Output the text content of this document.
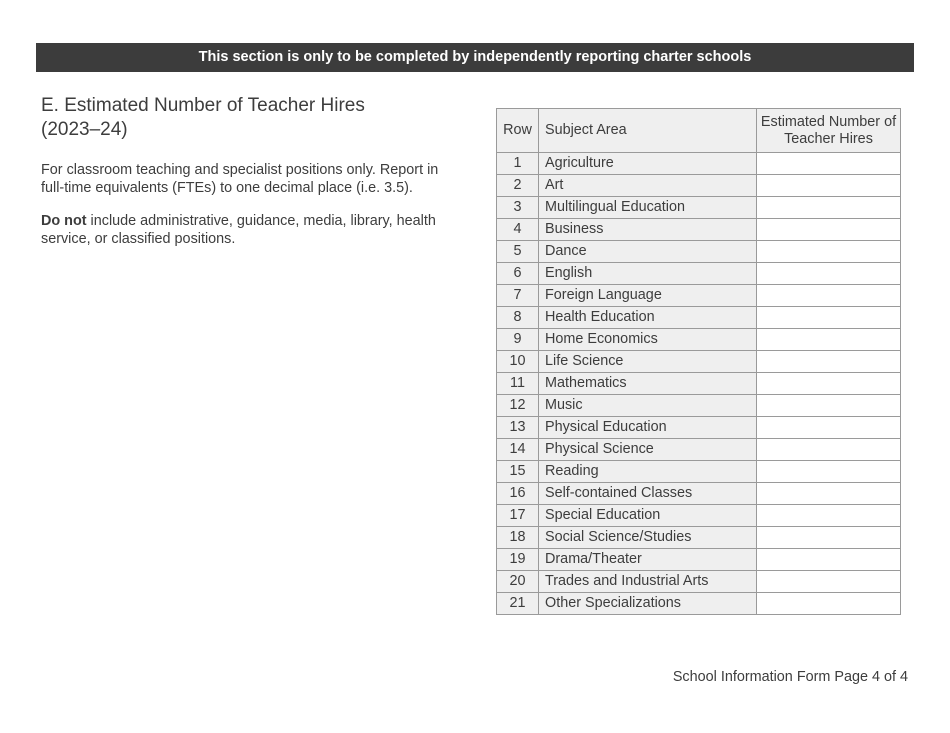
This section is only to be completed by independently reporting charter schools
E. Estimated Number of Teacher Hires
(2023–24)

For classroom teaching and specialist positions only. Report in full-time equivalents (FTEs) to one decimal place (i.e. 3.5).

Do not include administrative, guidance, media, library, health service, or classified positions.

Row	Subject Area	Estimated Number of Teacher Hires
1	Agriculture	
2	Art	
3	Multilingual Education	
4	Business	
5	Dance	
6	English	
7	Foreign Language	
8	Health Education	
9	Home Economics	
10	Life Science	
11	Mathematics	
12	Music	
13	Physical Education	
14	Physical Science	
15	Reading	
16	Self-contained Classes	
17	Special Education	
18	Social Science/Studies	
19	Drama/Theater	
20	Trades and Industrial Arts	
21	Other Specializations	
School Information Form Page 4 of 4
